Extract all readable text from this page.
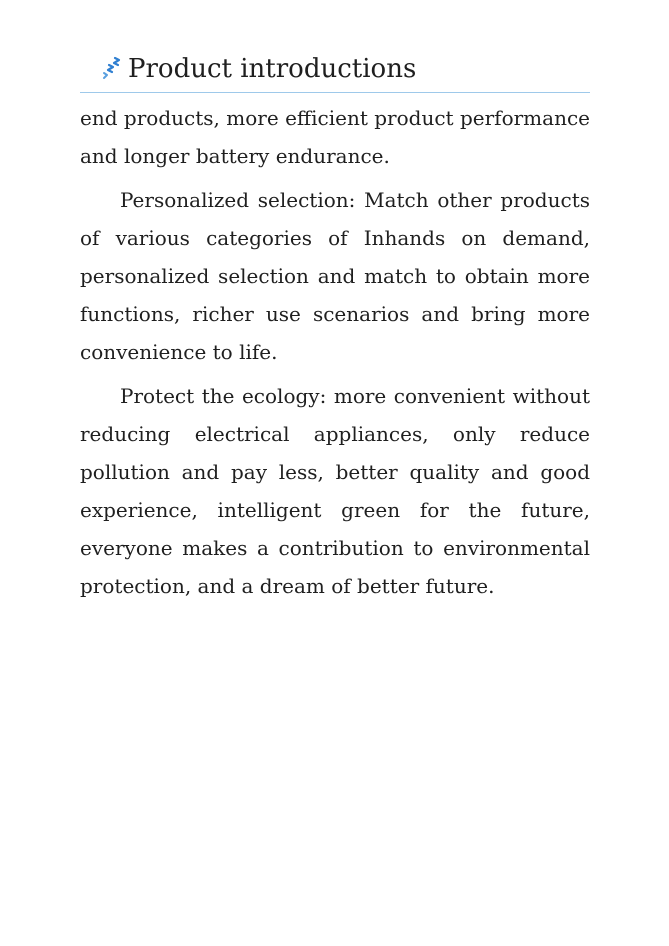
Product introductions

end products, more efficient product performance and longer battery endurance.

Personalized selection: Match other products of various categories of Inhands on demand, personalized selection and match to obtain more functions, richer use scenarios and bring more convenience to life.

Protect the ecology: more convenient without reducing electrical appliances, only reduce pollution and pay less, better quality and good experience, intelligent green for the future, everyone makes a contribution to environmental protection, and a dream of better future.
